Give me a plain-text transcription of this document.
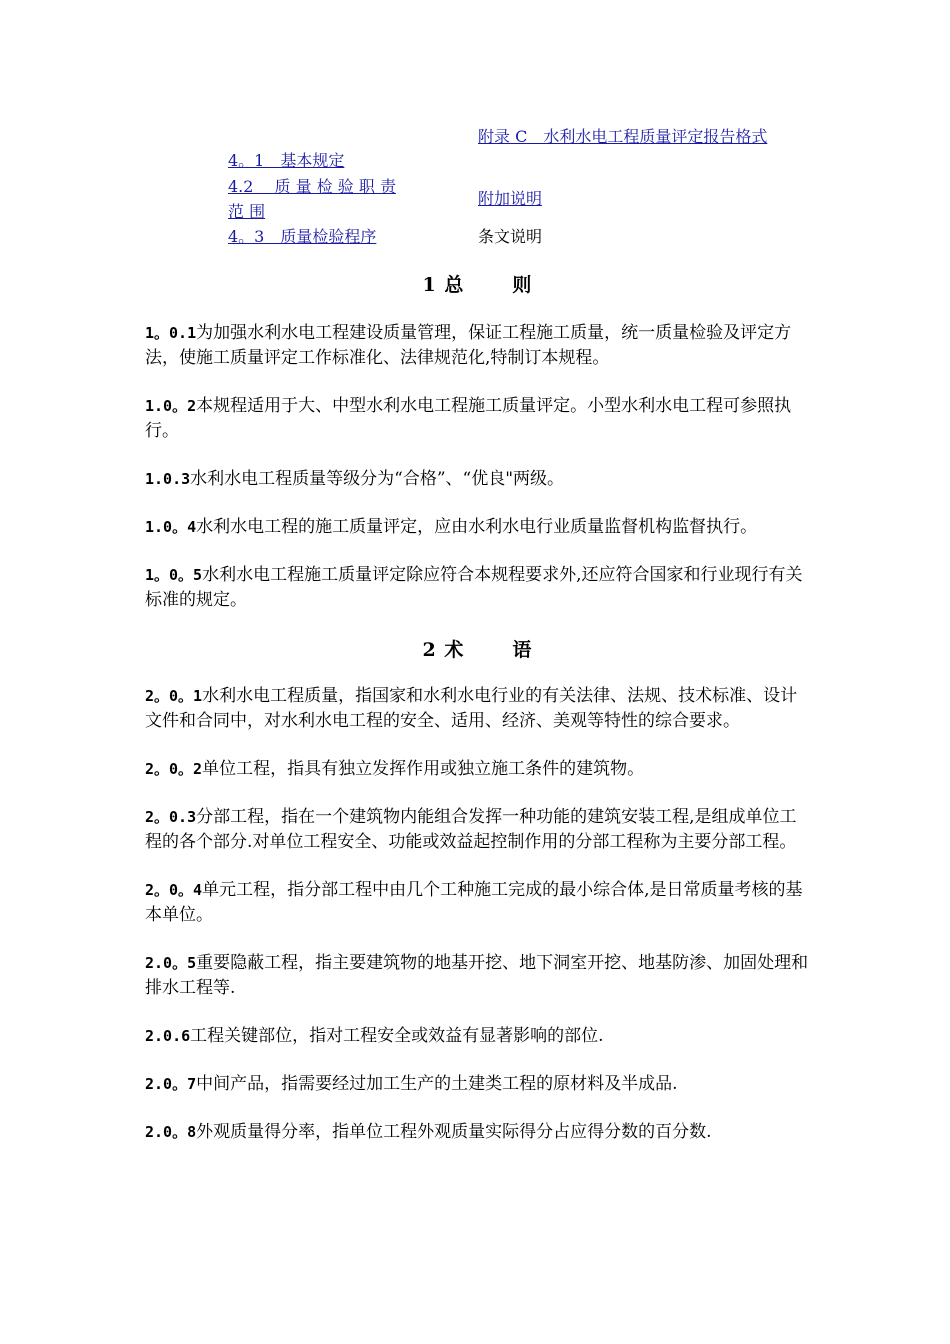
4。1　基本规定
4.2　 质 量 检 验 职 责 范 围
4。3　质量检验程序
附录 C　水利水电工程质量评定报告格式
附加说明
条文说明
1 总	则

1。0.1为加强水利水电工程建设质量管理，保证工程施工质量，统一质量检验及评定方法，使施工质量评定工作标准化、法律规范化,特制订本规程。

1.0。2本规程适用于大、中型水利水电工程施工质量评定。小型水利水电工程可参照执行。

1.0.3水利水电工程质量等级分为“合格”、“优良"两级。

1.0。4水利水电工程的施工质量评定，应由水利水电行业质量监督机构监督执行。

1。0。5水利水电工程施工质量评定除应符合本规程要求外,还应符合国家和行业现行有关标准的规定。

2 术	语

2。0。1水利水电工程质量，指国家和水利水电行业的有关法律、法规、技术标准、设计文件和合同中，对水利水电工程的安全、适用、经济、美观等特性的综合要求。

2。0。2单位工程，指具有独立发挥作用或独立施工条件的建筑物。

2。0.3分部工程，指在一个建筑物内能组合发挥一种功能的建筑安装工程,是组成单位工程的各个部分.对单位工程安全、功能或效益起控制作用的分部工程称为主要分部工程。

2。0。4单元工程，指分部工程中由几个工种施工完成的最小综合体,是日常质量考核的基本单位。

2.0。5重要隐蔽工程，指主要建筑物的地基开挖、地下洞室开挖、地基防渗、加固处理和排水工程等.

2.0.6工程关键部位，指对工程安全或效益有显著影响的部位.

2.0。7中间产品，指需要经过加工生产的土建类工程的原材料及半成品.

2.0。8外观质量得分率，指单位工程外观质量实际得分占应得分数的百分数.
